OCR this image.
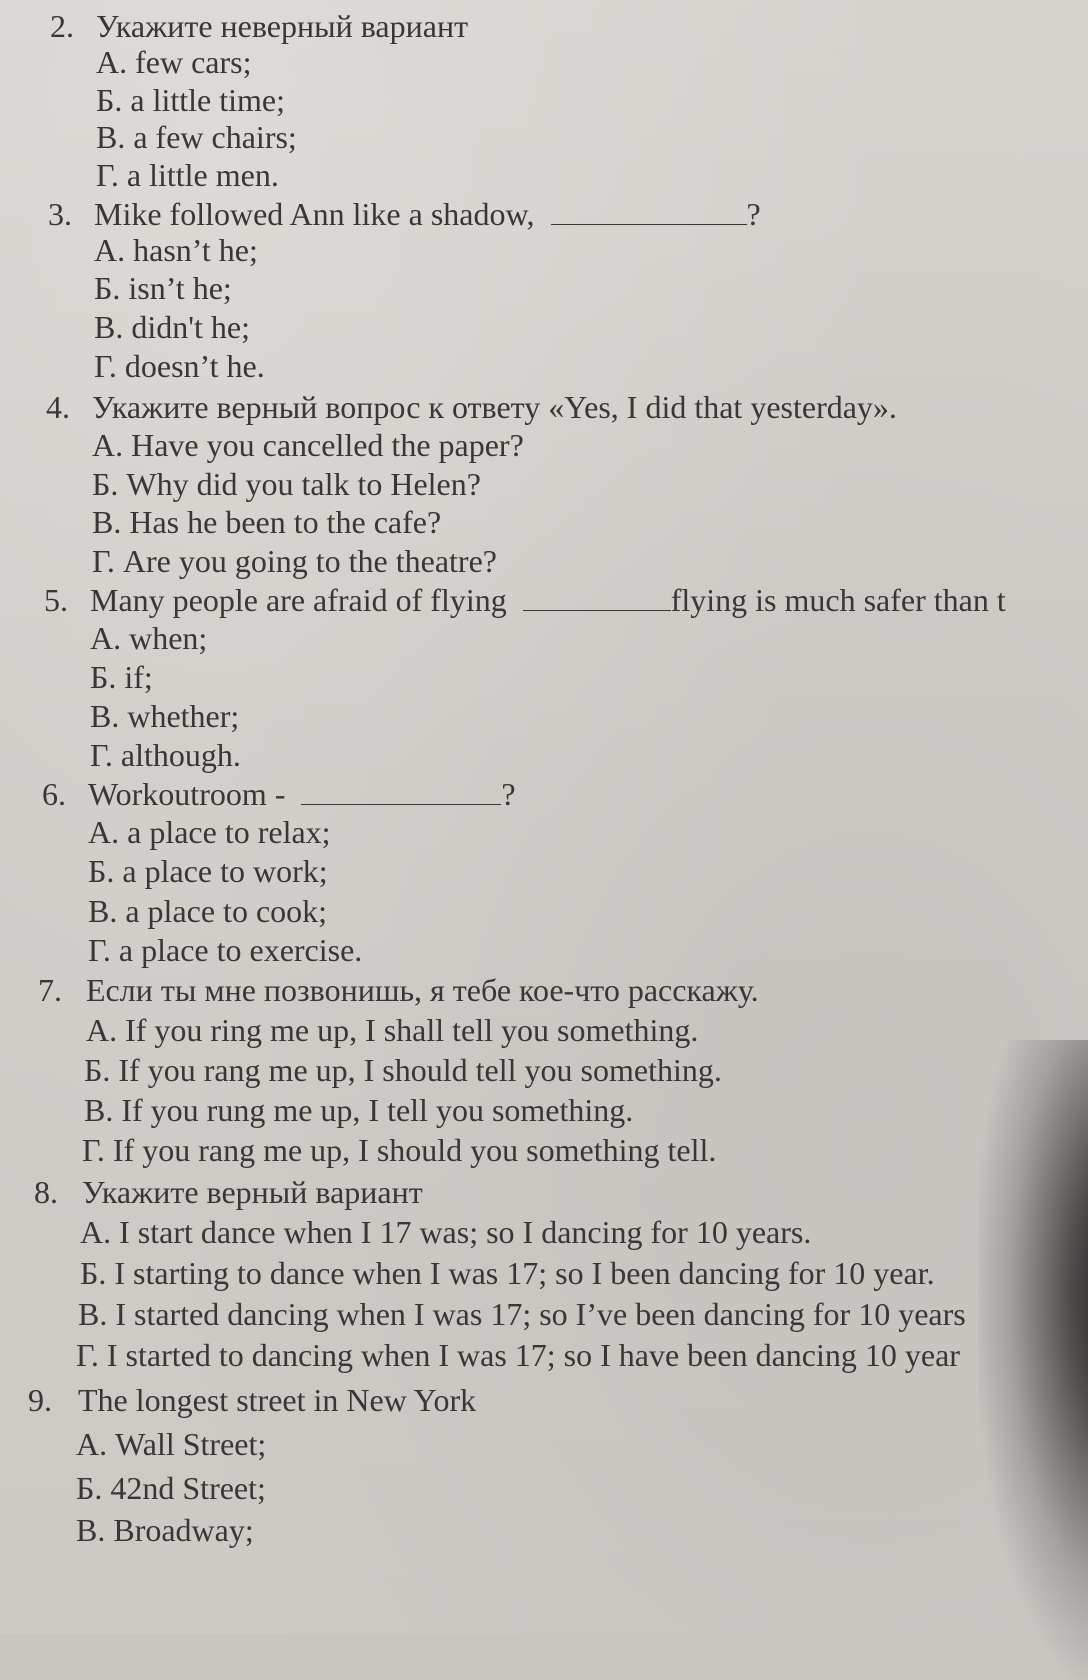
2. Укажите неверный вариант
А. few cars;
Б. a little time;
В. a few chairs;
Г. a little men.
3. Mike followed Ann like a shadow,	?
А. hasn’t he;
Б. isn’t he;
В. didn't he;
Г. doesn’t he.
4. Укажите верный вопрос к ответу «Yes, I did that yesterday».
А. Have you cancelled the paper?
Б. Why did you talk to Helen?
В. Has he been to the cafe?
Г. Are you going to the theatre?
5. Many people are afraid of flying	flying is much safer than t
А. when;
Б. if;
В. whether;
Г. although.
6. Workoutroom -	?
А. a place to relax;
Б. a place to work;
В. a place to cook;
Г. a place to exercise.
7. Если ты мне позвонишь, я тебе кое-что расскажу.
А. If you ring me up, I shall tell you something.
Б. If you rang me up, I should tell you something.
В. If you rung me up, I tell you something.
Г. If you rang me up, I should you something tell.
8. Укажите верный вариант
А. I start dance when I 17 was; so I dancing for 10 years.
Б. I starting to dance when I was 17; so I been dancing for 10 year.
В. I started dancing when I was 17; so I’ve been dancing for 10 years
Г. I started to dancing when I was 17; so I have been dancing 10 year
9. The longest street in New York
А. Wall Street;
Б. 42nd Street;
В. Broadway;
